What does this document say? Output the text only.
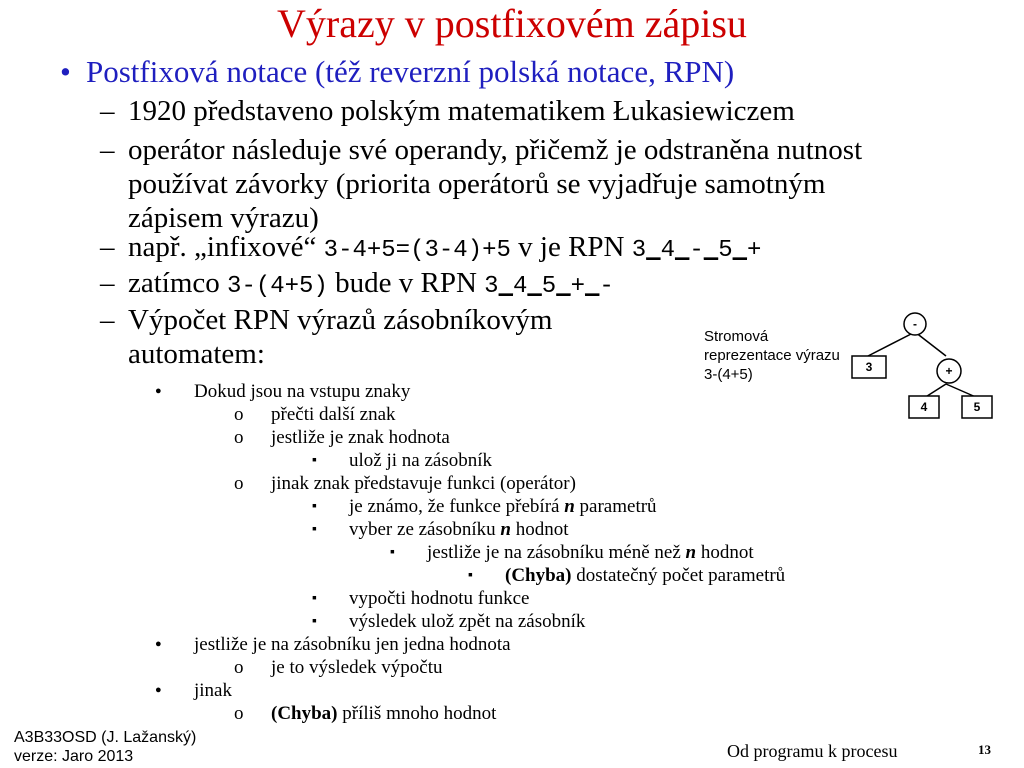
Výrazy v postfixovém zápisu
• Postfixová notace (též reverzní polská notace, RPN)
– 1920 představeno polským matematikem Łukasiewiczem
– operátor následuje své operandy, přičemž je odstraněna nutnost
používat závorky (priorita operátorů se vyjadřuje samotným
zápisem výrazu)
– např. „infixové“ 3-4+5=(3-4)+5 v je RPN 3_4_-_5_+
– zatímco 3-(4+5) bude v RPN 3_4_5_+_-
– Výpočet RPN výrazů zásobníkovým
automatem:
● Dokud jsou na vstupu znaky
o přečti další znak
o jestliže je znak hodnota
▪ ulož ji na zásobník
o jinak znak představuje funkci (operátor)
▪ je známo, že funkce přebírá n parametrů
▪ vyber ze zásobníku n hodnot
▪ jestliže je na zásobníku méně než n hodnot
▪ (Chyba) dostatečný počet parametrů
▪ vypočti hodnotu funkce
▪ výsledek ulož zpět na zásobník
● jestliže je na zásobníku jen jedna hodnota
o je to výsledek výpočtu
● jinak
o (Chyba) příliš mnoho hodnot
Stromová reprezentace výrazu 3-(4+5)
-
3	+
4	5
A3B33OSD (J. Lažanský)
verze: Jaro 2013	Od programu k procesu	13
